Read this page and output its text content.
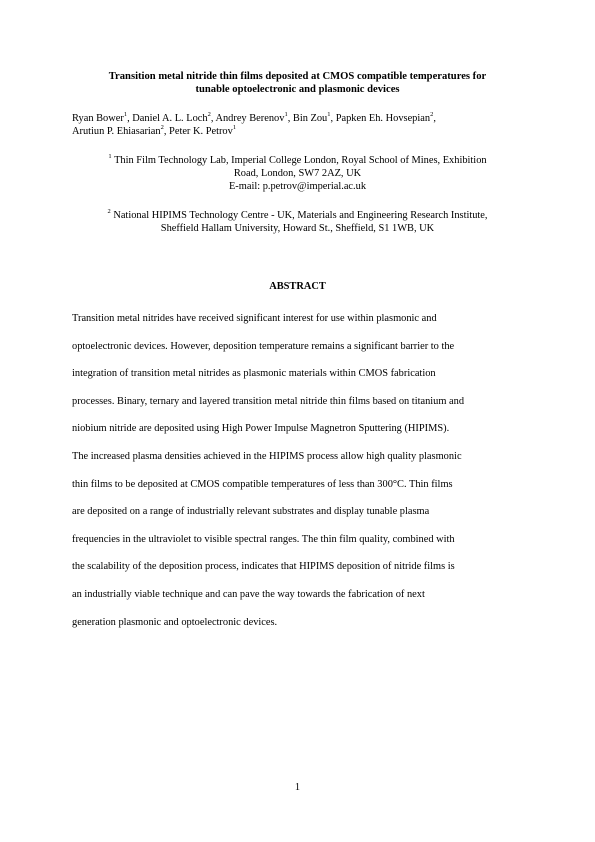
Transition metal nitride thin films deposited at CMOS compatible temperatures for
tunable optoelectronic and plasmonic devices

Ryan Bower$^1$, Daniel A. L. Loch$^2$, Andrey Berenov$^1$, Bin Zou$^1$, Papken Eh. Hovsepian$^2$,
Arutiun P. Ehiasarian$^2$, Peter K. Petrov$^1$

$^1$ Thin Film Technology Lab, Imperial College London, Royal School of Mines, Exhibition
Road, London, SW7 2AZ, UK
E-mail: p.petrov@imperial.ac.uk

$^2$ National HIPIMS Technology Centre - UK, Materials and Engineering Research Institute,
Sheffield Hallam University, Howard St., Sheffield, S1 1WB, UK

ABSTRACT

Transition metal nitrides have received significant interest for use within plasmonic and
optoelectronic devices. However, deposition temperature remains a significant barrier to the
integration of transition metal nitrides as plasmonic materials within CMOS fabrication
processes. Binary, ternary and layered transition metal nitride thin films based on titanium and
niobium nitride are deposited using High Power Impulse Magnetron Sputtering (HIPIMS).
The increased plasma densities achieved in the HIPIMS process allow high quality plasmonic
thin films to be deposited at CMOS compatible temperatures of less than 300°C. Thin films
are deposited on a range of industrially relevant substrates and display tunable plasma
frequencies in the ultraviolet to visible spectral ranges. The thin film quality, combined with
the scalability of the deposition process, indicates that HIPIMS deposition of nitride films is
an industrially viable technique and can pave the way towards the fabrication of next
generation plasmonic and optoelectronic devices.

1
